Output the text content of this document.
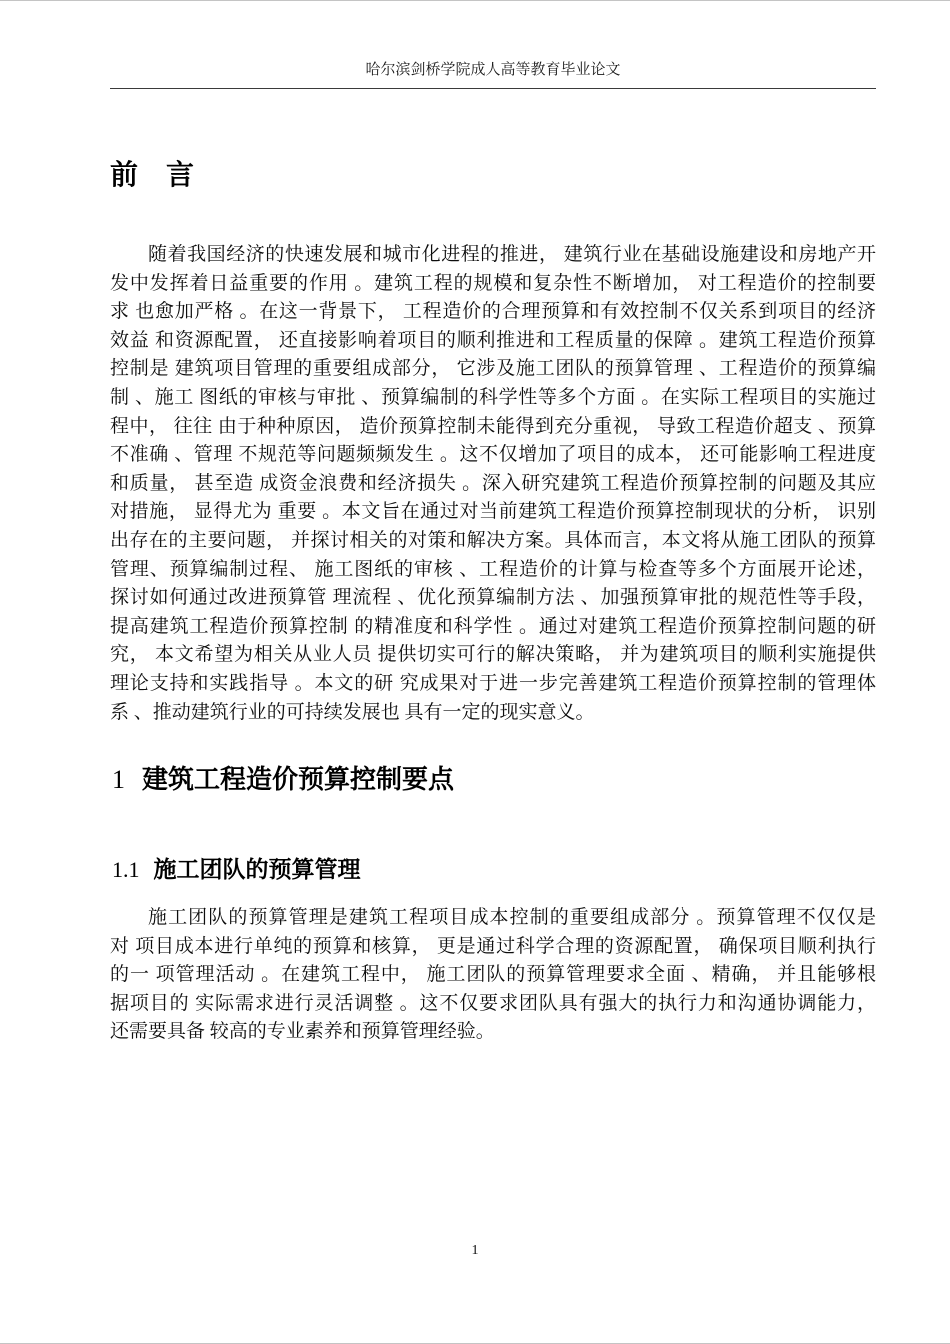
哈尔滨剑桥学院成人高等教育毕业论文
前　言
随着我国经济的快速发展和城市化进程的推进， 建筑行业在基础设施建设和房地产开
发中发挥着日益重要的作用 。建筑工程的规模和复杂性不断增加， 对工程造价的控制要
求 也愈加严格 。在这一背景下， 工程造价的合理预算和有效控制不仅关系到项目的经济
效益 和资源配置， 还直接影响着项目的顺利推进和工程质量的保障 。建筑工程造价预算
控制是 建筑项目管理的重要组成部分， 它涉及施工团队的预算管理 、工程造价的预算编
制 、施工 图纸的审核与审批 、预算编制的科学性等多个方面 。在实际工程项目的实施过
程中， 往往 由于种种原因， 造价预算控制未能得到充分重视， 导致工程造价超支 、预算
不准确 、管理 不规范等问题频频发生 。这不仅增加了项目的成本， 还可能影响工程进度
和质量， 甚至造 成资金浪费和经济损失 。深入研究建筑工程造价预算控制的问题及其应
对措施， 显得尤为 重要 。本文旨在通过对当前建筑工程造价预算控制现状的分析， 识别
出存在的主要问题， 并探讨相关的对策和解决方案。具体而言，本文将从施工团队的预算
管理、预算编制过程、 施工图纸的审核 、工程造价的计算与检查等多个方面展开论述，
探讨如何通过改进预算管 理流程 、优化预算编制方法 、加强预算审批的规范性等手段，
提高建筑工程造价预算控制 的精准度和科学性 。通过对建筑工程造价预算控制问题的研
究， 本文希望为相关从业人员 提供切实可行的解决策略， 并为建筑项目的顺利实施提供
理论支持和实践指导 。本文的研 究成果对于进一步完善建筑工程造价预算控制的管理体
系 、推动建筑行业的可持续发展也 具有一定的现实意义。
1 建筑工程造价预算控制要点
1.1 施工团队的预算管理
施工团队的预算管理是建筑工程项目成本控制的重要组成部分 。预算管理不仅仅是
对 项目成本进行单纯的预算和核算， 更是通过科学合理的资源配置， 确保项目顺利执行
的一 项管理活动 。在建筑工程中， 施工团队的预算管理要求全面 、精确， 并且能够根
据项目的 实际需求进行灵活调整 。这不仅要求团队具有强大的执行力和沟通协调能力，
还需要具备 较高的专业素养和预算管理经验。
1
